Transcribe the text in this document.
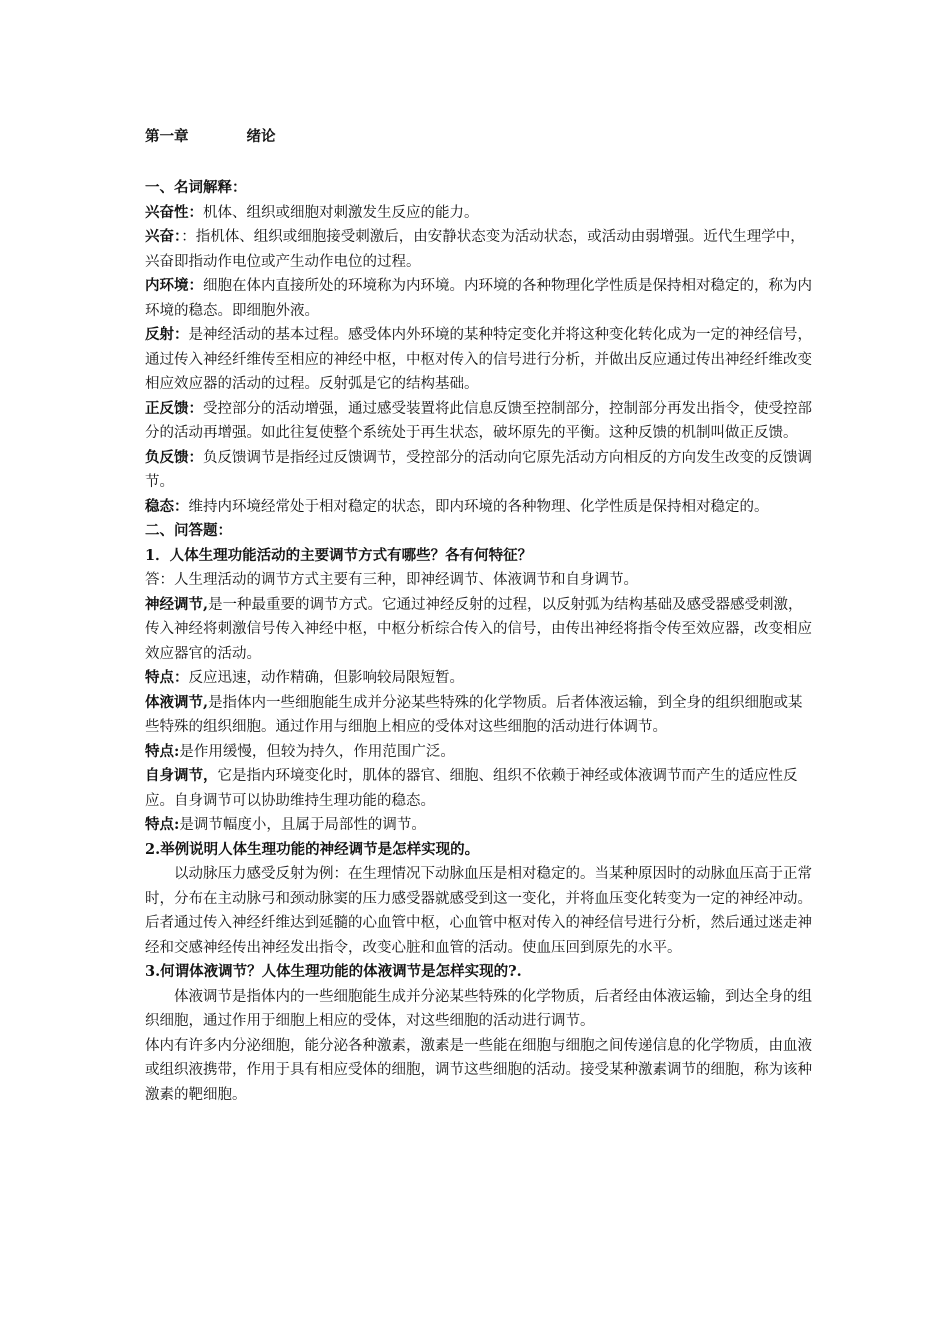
第一章	绪论
一、名词解释：

兴奋性：机体、组织或细胞对刺激发生反应的能力。

兴奋：：指机体、组织或细胞接受刺激后，由安静状态变为活动状态，或活动由弱增强。近代生理学中，兴奋即指动作电位或产生动作电位的过程。

内环境：细胞在体内直接所处的环境称为内环境。内环境的各种物理化学性质是保持相对稳定的，称为内环境的稳态。即细胞外液。

反射：是神经活动的基本过程。感受体内外环境的某种特定变化并将这种变化转化成为一定的神经信号，通过传入神经纤维传至相应的神经中枢，中枢对传入的信号进行分析，并做出反应通过传出神经纤维改变相应效应器的活动的过程。反射弧是它的结构基础。

正反馈：受控部分的活动增强，通过感受装置将此信息反馈至控制部分，控制部分再发出指令，使受控部分的活动再增强。如此往复使整个系统处于再生状态，破坏原先的平衡。这种反馈的机制叫做正反馈。

负反馈：负反馈调节是指经过反馈调节，受控部分的活动向它原先活动方向相反的方向发生改变的反馈调节。

稳态：维持内环境经常处于相对稳定的状态，即内环境的各种物理、化学性质是保持相对稳定的。

二、问答题：
1．人体生理功能活动的主要调节方式有哪些？各有何特征？

答：人生理活动的调节方式主要有三种，即神经调节、体液调节和自身调节。

神经调节,是一种最重要的调节方式。它通过神经反射的过程，以反射弧为结构基础及感受器感受刺激，传入神经将刺激信号传入神经中枢，中枢分析综合传入的信号，由传出神经将指令传至效应器，改变相应效应器官的活动。

特点：反应迅速，动作精确，但影响较局限短暂。

体液调节,是指体内一些细胞能生成并分泌某些特殊的化学物质。后者体液运输，到全身的组织细胞或某些特殊的组织细胞。通过作用与细胞上相应的受体对这些细胞的活动进行体调节。

特点:是作用缓慢，但较为持久，作用范围广泛。

自身调节，它是指内环境变化时，肌体的器官、细胞、组织不依赖于神经或体液调节而产生的适应性反应。自身调节可以协助维持生理功能的稳态。

特点:是调节幅度小，且属于局部性的调节。

2.举例说明人体生理功能的神经调节是怎样实现的。

以动脉压力感受反射为例：在生理情况下动脉血压是相对稳定的。当某种原因时的动脉血压高于正常时，分布在主动脉弓和颈动脉窦的压力感受器就感受到这一变化，并将血压变化转变为一定的神经冲动。后者通过传入神经纤维达到延髓的心血管中枢，心血管中枢对传入的神经信号进行分析，然后通过迷走神经和交感神经传出神经发出指令，改变心脏和血管的活动。使血压回到原先的水平。

3.何谓体液调节？人体生理功能的体液调节是怎样实现的?.

体液调节是指体内的一些细胞能生成并分泌某些特殊的化学物质，后者经由体液运输，到达全身的组织细胞，通过作用于细胞上相应的受体，对这些细胞的活动进行调节。

体内有许多内分泌细胞，能分泌各种激素，激素是一些能在细胞与细胞之间传递信息的化学物质，由血液或组织液携带，作用于具有相应受体的细胞，调节这些细胞的活动。接受某种激素调节的细胞，称为该种激素的靶细胞。
